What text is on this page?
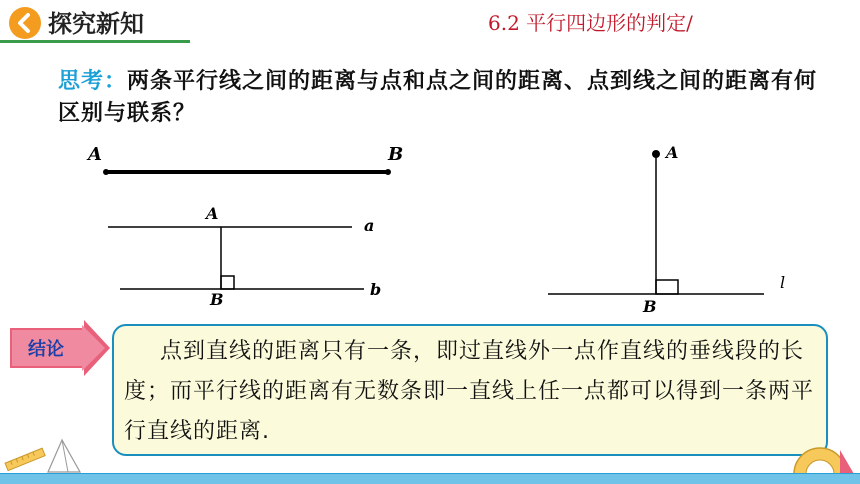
探究新知	6.2 平行四边形的判定/
思考：两条平行线之间的距离与点和点之间的距离、点到线之间的距离有何区别与联系？
A	B
A
B
a
b
A
B
l
结论	点到直线的距离只有一条，即过直线外一点作直线的垂线段的长度；而平行线的距离有无数条即一直线上任一点都可以得到一条两平行直线的距离.
